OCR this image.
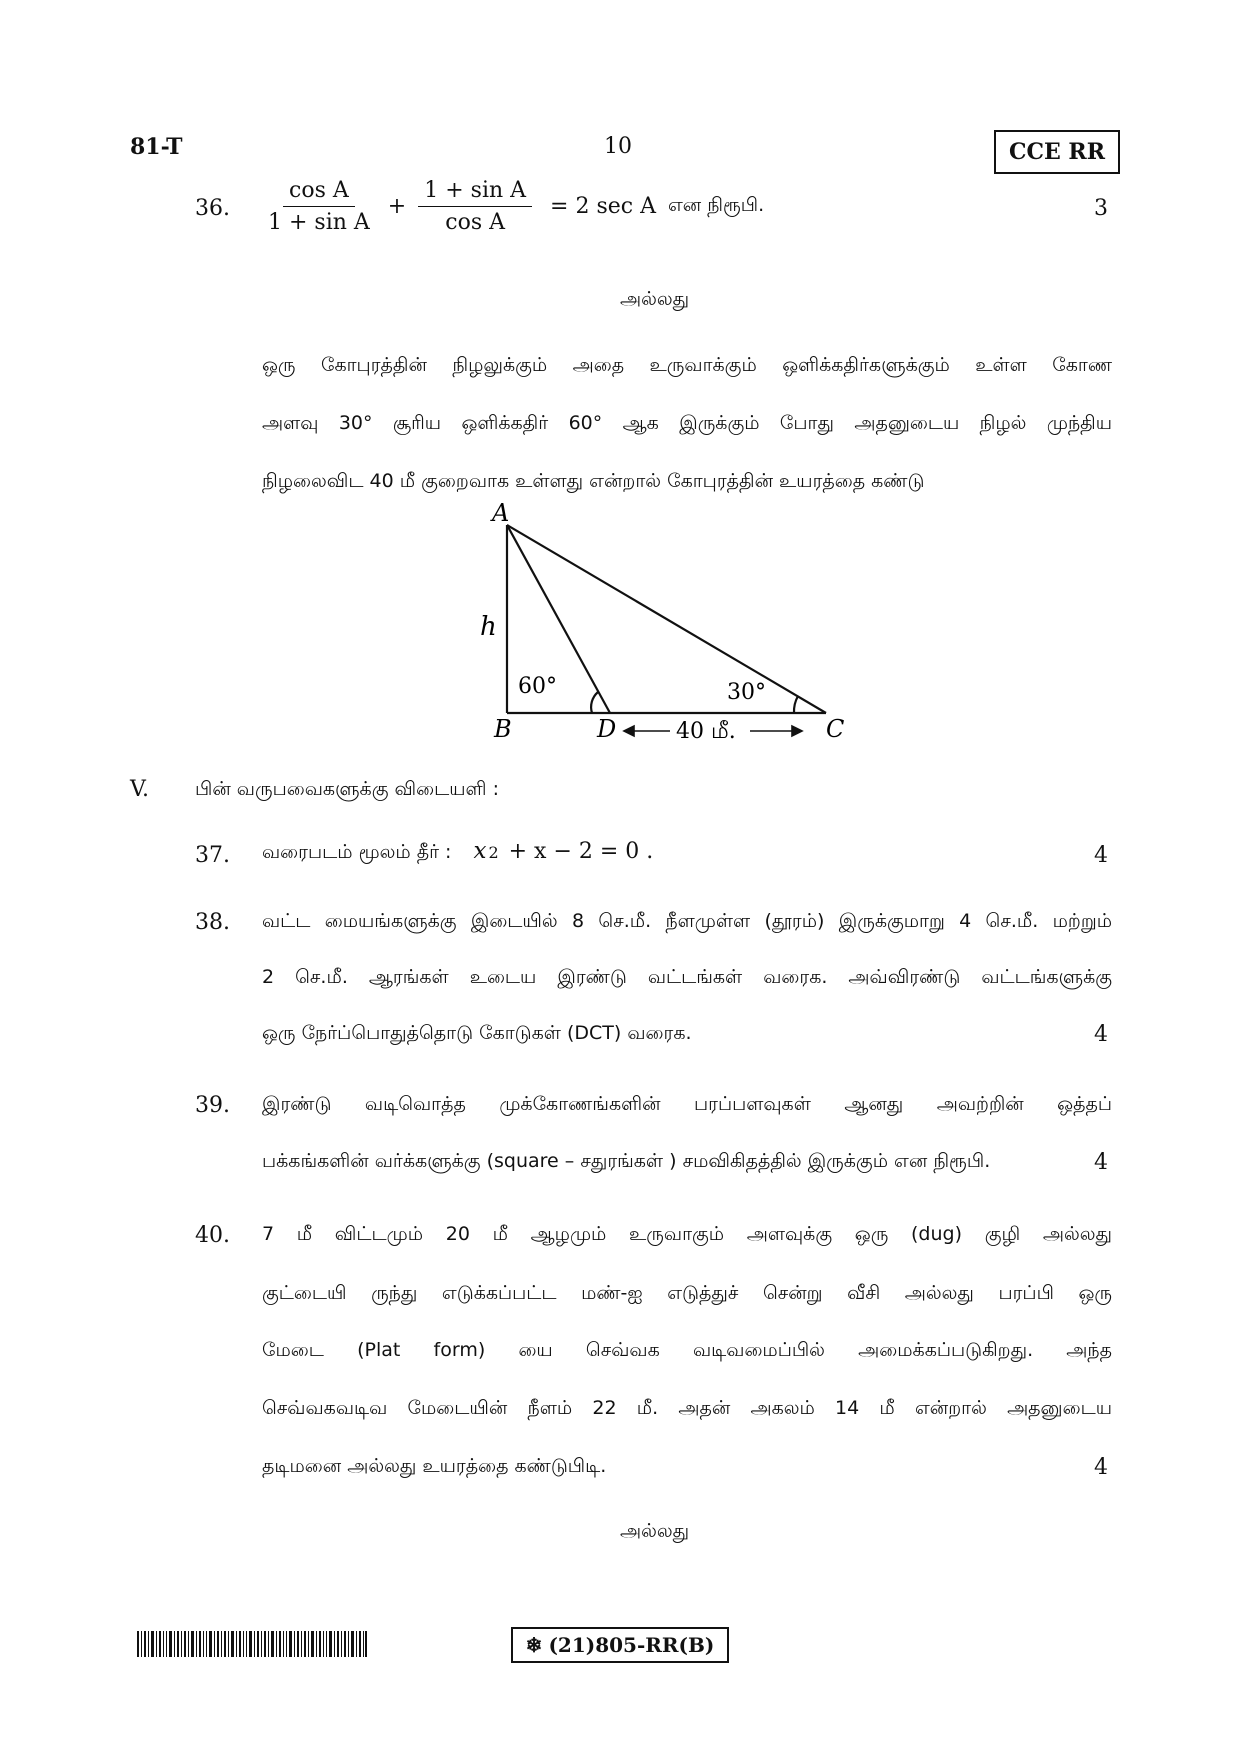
81-T	10	CCE RR
36. $\frac{\text{cos A}}{\text{1 + sin A}} + \frac{\text{1 + sin A}}{\text{cos A}} = 2$ sec A என நிரூபி.	3
அல்லது
ஒரு கோபுரத்தின் நிழலுக்கும் அதை உருவாக்கும் ஒளிக்கதிர்களுக்கும் உள்ள கோண
அளவு 30° சூரிய ஒளிக்கதிர் 60° ஆக இருக்கும் போது அதனுடைய நிழல் முந்திய
நிழலைவிட 40 மீ குறைவாக உள்ளது என்றால் கோபுரத்தின் உயரத்தை கண்டு
A
B	D	C
h
60°	30°
40 மீ.
V. பின் வருபவைகளுக்கு விடையளி :
37. வரைபடம் மூலம் தீர் : x 2 + x − 2 = 0 .	4
38. வட்ட மையங்களுக்கு இடையில் 8 செ.மீ. நீளமுள்ள (தூரம்) இருக்குமாறு 4 செ.மீ. மற்றும்
2 செ.மீ. ஆரங்கள் உடைய இரண்டு வட்டங்கள் வரைக. அவ்விரண்டு வட்டங்களுக்கு
ஒரு நேர்ப்பொதுத்தொடு கோடுகள் (DCT) வரைக.	4
39. இரண்டு வடிவொத்த முக்கோணங்களின் பரப்பளவுகள் ஆனது அவற்றின் ஒத்தப்
பக்கங்களின் வர்க்களுக்கு (square – சதுரங்கள் ) சமவிகிதத்தில் இருக்கும் என நிரூபி.	4
40. 7 மீ விட்டமும் 20 மீ ஆழமும் உருவாகும் அளவுக்கு ஒரு (dug) குழி அல்லது
குட்டையி ருந்து எடுக்கப்பட்ட மண்-ஐ எடுத்துச் சென்று வீசி அல்லது பரப்பி ஒரு
மேடை (Plat form) யை செவ்வக வடிவமைப்பில் அமைக்கப்படுகிறது. அந்த
செவ்வகவடிவ மேடையின் நீளம் 22 மீ. அதன் அகலம் 14 மீ என்றால் அதனுடைய
தடிமனை அல்லது உயரத்தை கண்டுபிடி.	4
அல்லது
❄ (21)805-RR(B)
